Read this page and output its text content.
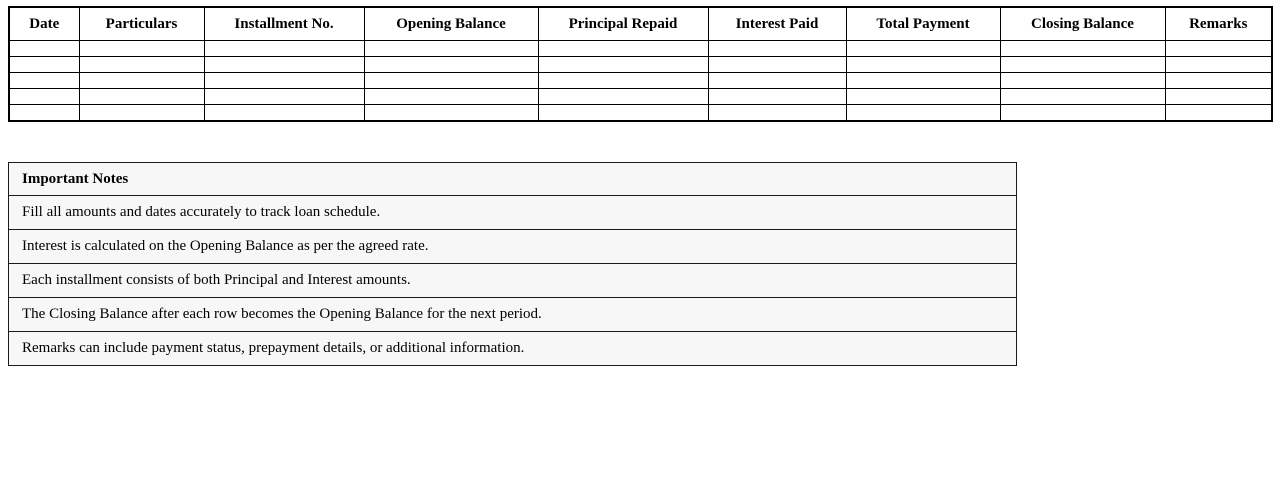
Date	Particulars	Installment No.	Opening Balance	Principal Repaid	Interest Paid	Total Payment	Closing Balance	Remarks

Important Notes
Fill all amounts and dates accurately to track loan schedule.
Interest is calculated on the Opening Balance as per the agreed rate.
Each installment consists of both Principal and Interest amounts.
The Closing Balance after each row becomes the Opening Balance for the next period.
Remarks can include payment status, prepayment details, or additional information.
